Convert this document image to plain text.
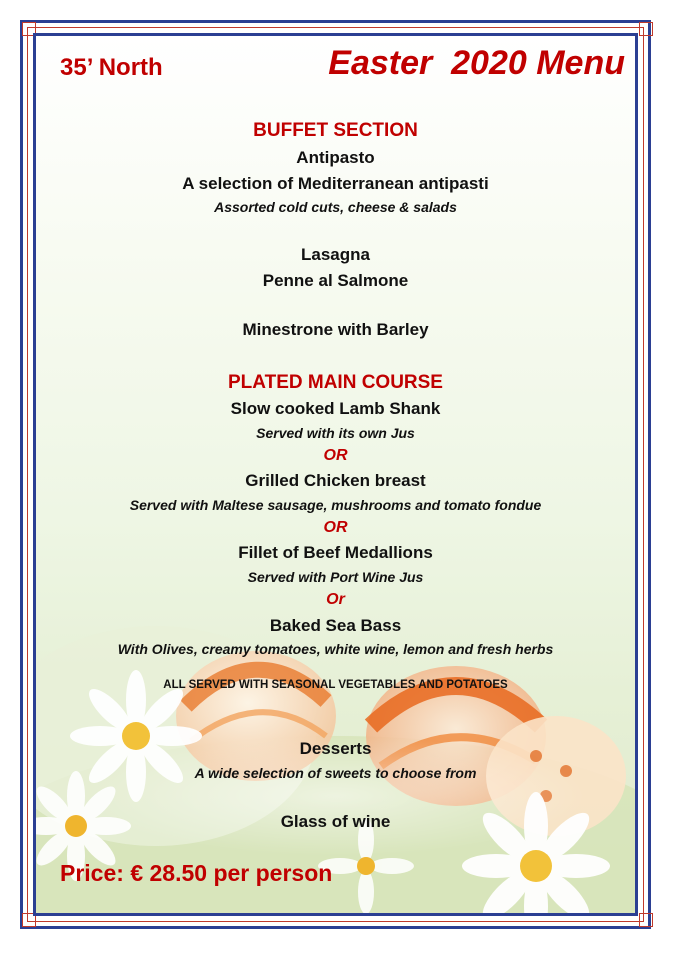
35’ North	Easter  2020 Menu
BUFFET SECTION
Antipasto
A selection of Mediterranean antipasti
Assorted cold cuts, cheese & salads
Lasagna
Penne al Salmone
Minestrone with Barley
PLATED MAIN COURSE
Slow cooked Lamb Shank
Served with its own Jus
OR
Grilled Chicken breast
Served with Maltese sausage, mushrooms and tomato fondue
OR
Fillet of Beef Medallions
Served with Port Wine Jus
Or
Baked Sea Bass
With Olives, creamy tomatoes, white wine, lemon and fresh herbs
ALL SERVED WITH SEASONAL VEGETABLES AND POTATOES
Desserts
A wide selection of sweets to choose from
Glass of wine
Price: € 28.50 per person
